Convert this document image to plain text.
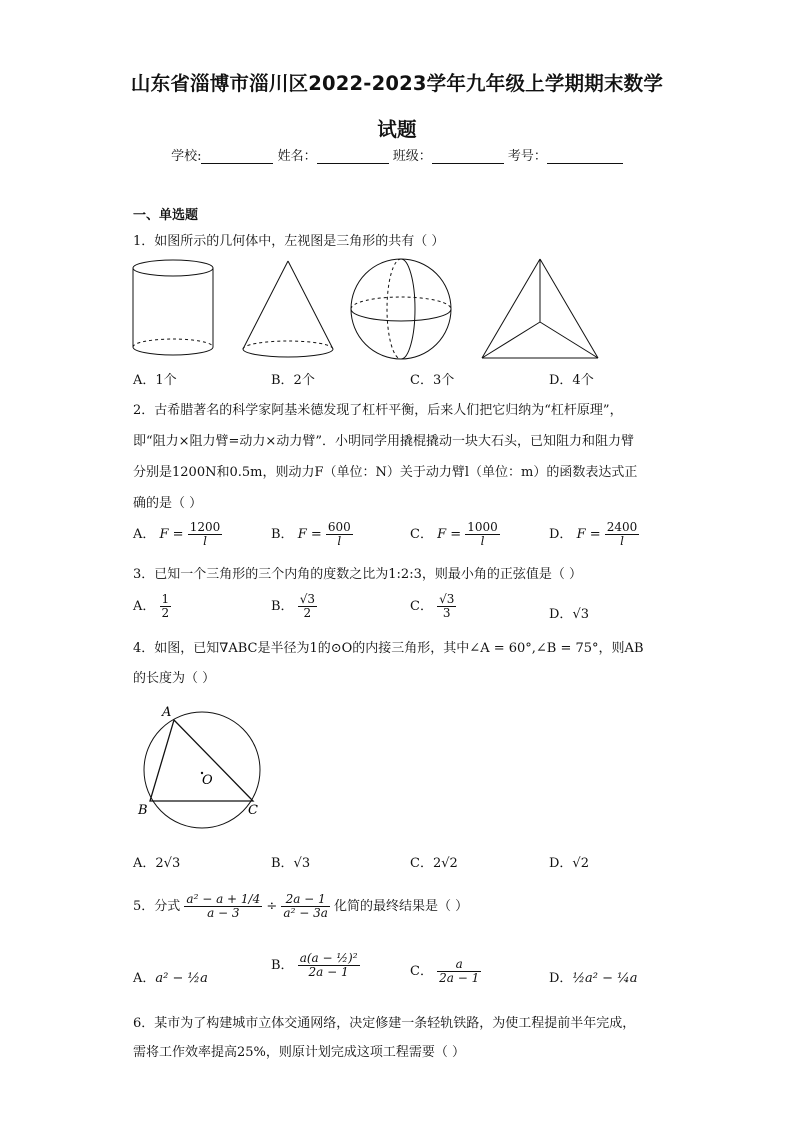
山东省淄博市淄川区2022-2023学年九年级上学期期末数学
试题
学校:	姓名：	班级：	考号：
一、单选题
1．如图所示的几何体中，左视图是三角形的共有（ ）
A．1个	B．2个	C．3个	D．4个
2．古希腊著名的科学家阿基米德发现了杠杆平衡，后来人们把它归纳为“杠杆原理”，
即“阻力×阻力臂=动力×动力臂”．小明同学用撬棍撬动一块大石头，已知阻力和阻力臂
分别是1200N和0.5m，则动力F（单位：N）关于动力臂l（单位：m）的函数表达式正
确的是（ ）
A． $F = \frac{1200}{l}$	B． $F = \frac{600}{l}$	C． $F = \frac{1000}{l}$	D． $F = \frac{2400}{l}$
3．已知一个三角形的三个内角的度数之比为1:2:3，则最小角的正弦值是（ ）
A． $\frac{1}{2}$	B． $\frac{√3}{2}$	C． $\frac{√3}{3}$	D．√3
4．如图，已知∇ABC是半径为1的⊙O的内接三角形，其中∠A = 60°,∠B = 75°，则AB
的长度为（ ）
A
B	C
O
A．2√3	B．√3	C．2√2	D．√2
5．分式 $\frac{\text{a² − a + 1/4}}{a - 3} \div \frac{2a - 1}{\text{a² − 3a}}$ 化简的最终结果是（ ）
A．a² − ½a
B． $\frac{\text{a(a − ½)²}}{2a - 1}$	C． $\frac{a}{2a - 1}$	D．½a² − ¼a
6．某市为了构建城市立体交通网络，决定修建一条轻轨铁路，为使工程提前半年完成，
需将工作效率提高25%，则原计划完成这项工程需要（ ）
